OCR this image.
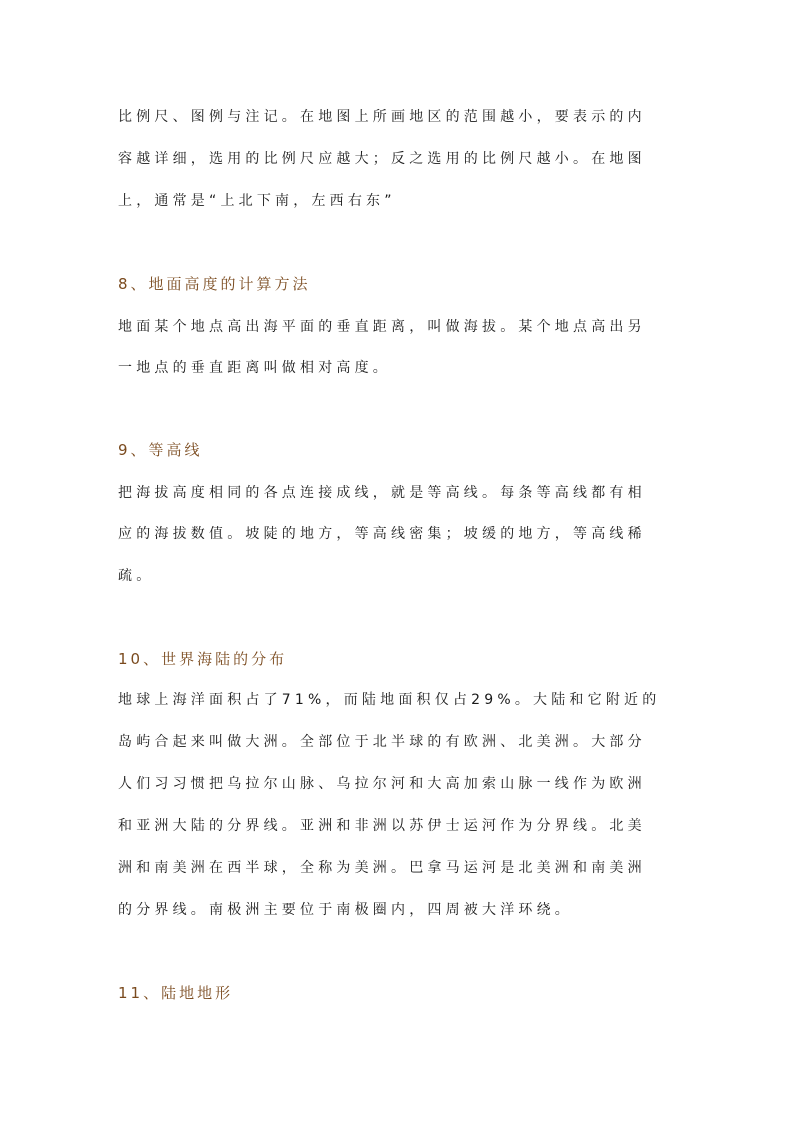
比例尺、图例与注记。在地图上所画地区的范围越小，要表示的内
容越详细，选用的比例尺应越大；反之选用的比例尺越小。在地图
上，通常是“上北下南，左西右东”
8、地面高度的计算方法
地面某个地点高出海平面的垂直距离，叫做海拔。某个地点高出另
一地点的垂直距离叫做相对高度。
9、等高线
把海拔高度相同的各点连接成线，就是等高线。每条等高线都有相
应的海拔数值。坡陡的地方，等高线密集；坡缓的地方，等高线稀
疏。
10、世界海陆的分布
地球上海洋面积占了71%，而陆地面积仅占29%。大陆和它附近的
岛屿合起来叫做大洲。全部位于北半球的有欧洲、北美洲。大部分
人们习习惯把乌拉尔山脉、乌拉尔河和大高加索山脉一线作为欧洲
和亚洲大陆的分界线。亚洲和非洲以苏伊士运河作为分界线。北美
洲和南美洲在西半球，全称为美洲。巴拿马运河是北美洲和南美洲
的分界线。南极洲主要位于南极圈内，四周被大洋环绕。
11、陆地地形
